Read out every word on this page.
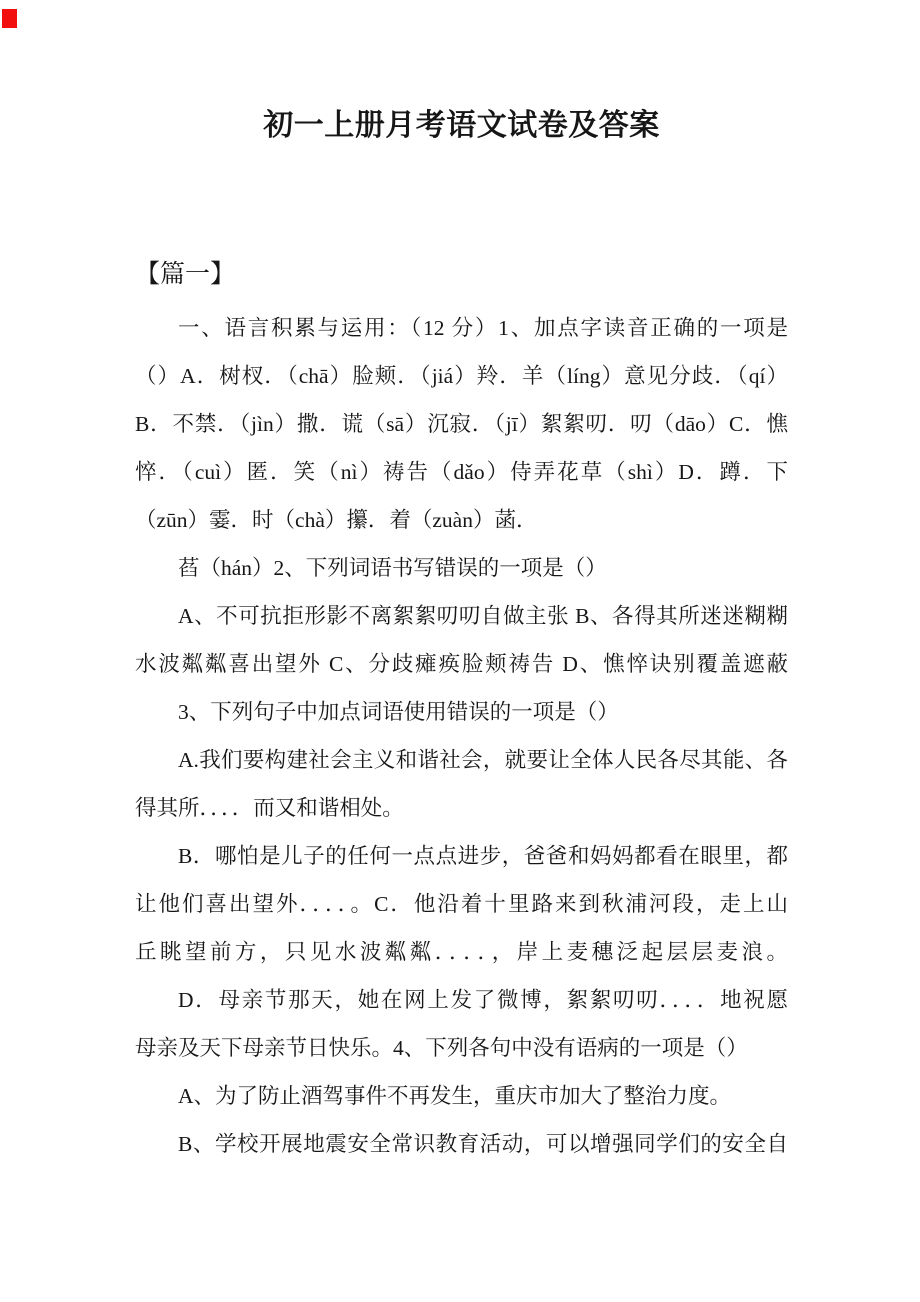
初一上册月考语文试卷及答案
【篇一】
一、语言积累与运用：（12 分）1、加点字读音正确的一项是
（）A．树杈．（chā）脸颊．（jiá）羚．羊（líng）意见分歧．（qí）
B．不禁．（jìn）撒．谎（sā）沉寂．（jī）絮絮叨．叨（dāo）C．憔
悴．（cuì）匿．笑（nì）祷告（dǎo）侍弄花草（shì）D．蹲．下
（zūn）霎．时（chà）攥．着（zuàn）菡．
萏（hán）2、下列词语书写错误的一项是（）
A、不可抗拒形影不离絮絮叨叨自做主张 B、各得其所迷迷糊糊
水波粼粼喜出望外 C、分歧瘫痪脸颊祷告 D、憔悴诀别覆盖遮蔽
3、下列句子中加点词语使用错误的一项是（）
A.我们要构建社会主义和谐社会，就要让全体人民各尽其能、各
得其所．．．．而又和谐相处。
B．哪怕是儿子的任何一点点进步，爸爸和妈妈都看在眼里，都
让他们喜出望外．．．．。C．他沿着十里路来到秋浦河段，走上山
丘眺望前方，只见水波粼粼．．．．，岸上麦穗泛起层层麦浪。
D．母亲节那天，她在网上发了微博，絮絮叨叨．．．．地祝愿
母亲及天下母亲节日快乐。4、下列各句中没有语病的一项是（）
A、为了防止酒驾事件不再发生，重庆市加大了整治力度。
B、学校开展地震安全常识教育活动，可以增强同学们的安全自
